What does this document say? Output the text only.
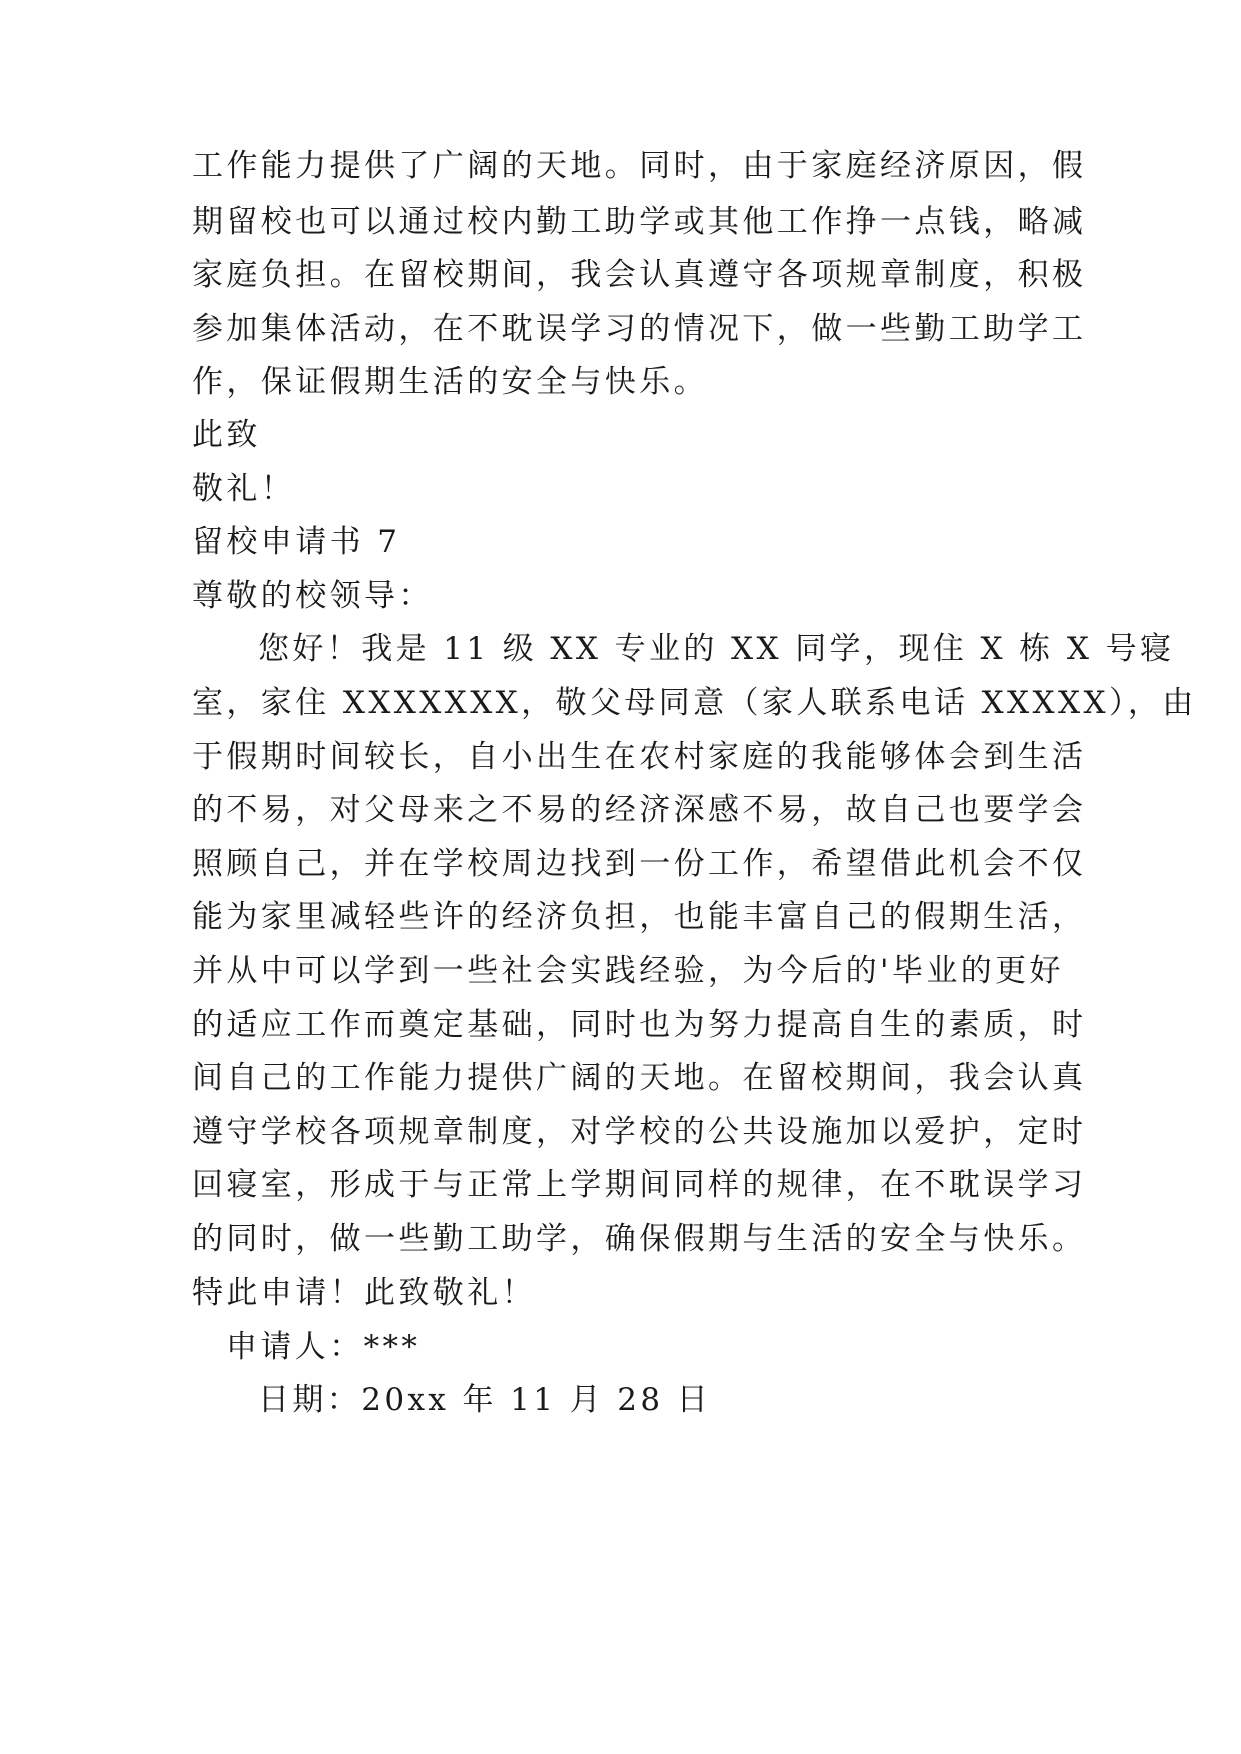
工作能力提供了广阔的天地。同时，由于家庭经济原因，假
期留校也可以通过校内勤工助学或其他工作挣一点钱，略减
家庭负担。在留校期间，我会认真遵守各项规章制度，积极
参加集体活动，在不耽误学习的情况下，做一些勤工助学工
作，保证假期生活的安全与快乐。
此致
敬礼！
留校申请书 7
尊敬的校领导：
您好！我是 11 级 XX 专业的 XX 同学，现住 X 栋 X 号寝
室，家住 XXXXXXX，敬父母同意（家人联系电话 XXXXX），由
于假期时间较长，自小出生在农村家庭的我能够体会到生活
的不易，对父母来之不易的经济深感不易，故自己也要学会
照顾自己，并在学校周边找到一份工作，希望借此机会不仅
能为家里减轻些许的经济负担，也能丰富自己的假期生活，
并从中可以学到一些社会实践经验，为今后的'毕业的更好
的适应工作而奠定基础，同时也为努力提高自生的素质，时
间自己的工作能力提供广阔的天地。在留校期间，我会认真
遵守学校各项规章制度，对学校的公共设施加以爱护，定时
回寝室，形成于与正常上学期间同样的规律，在不耽误学习
的同时，做一些勤工助学，确保假期与生活的安全与快乐。
特此申请！此致敬礼！
申请人：***
日期：20xx 年 11 月 28 日
